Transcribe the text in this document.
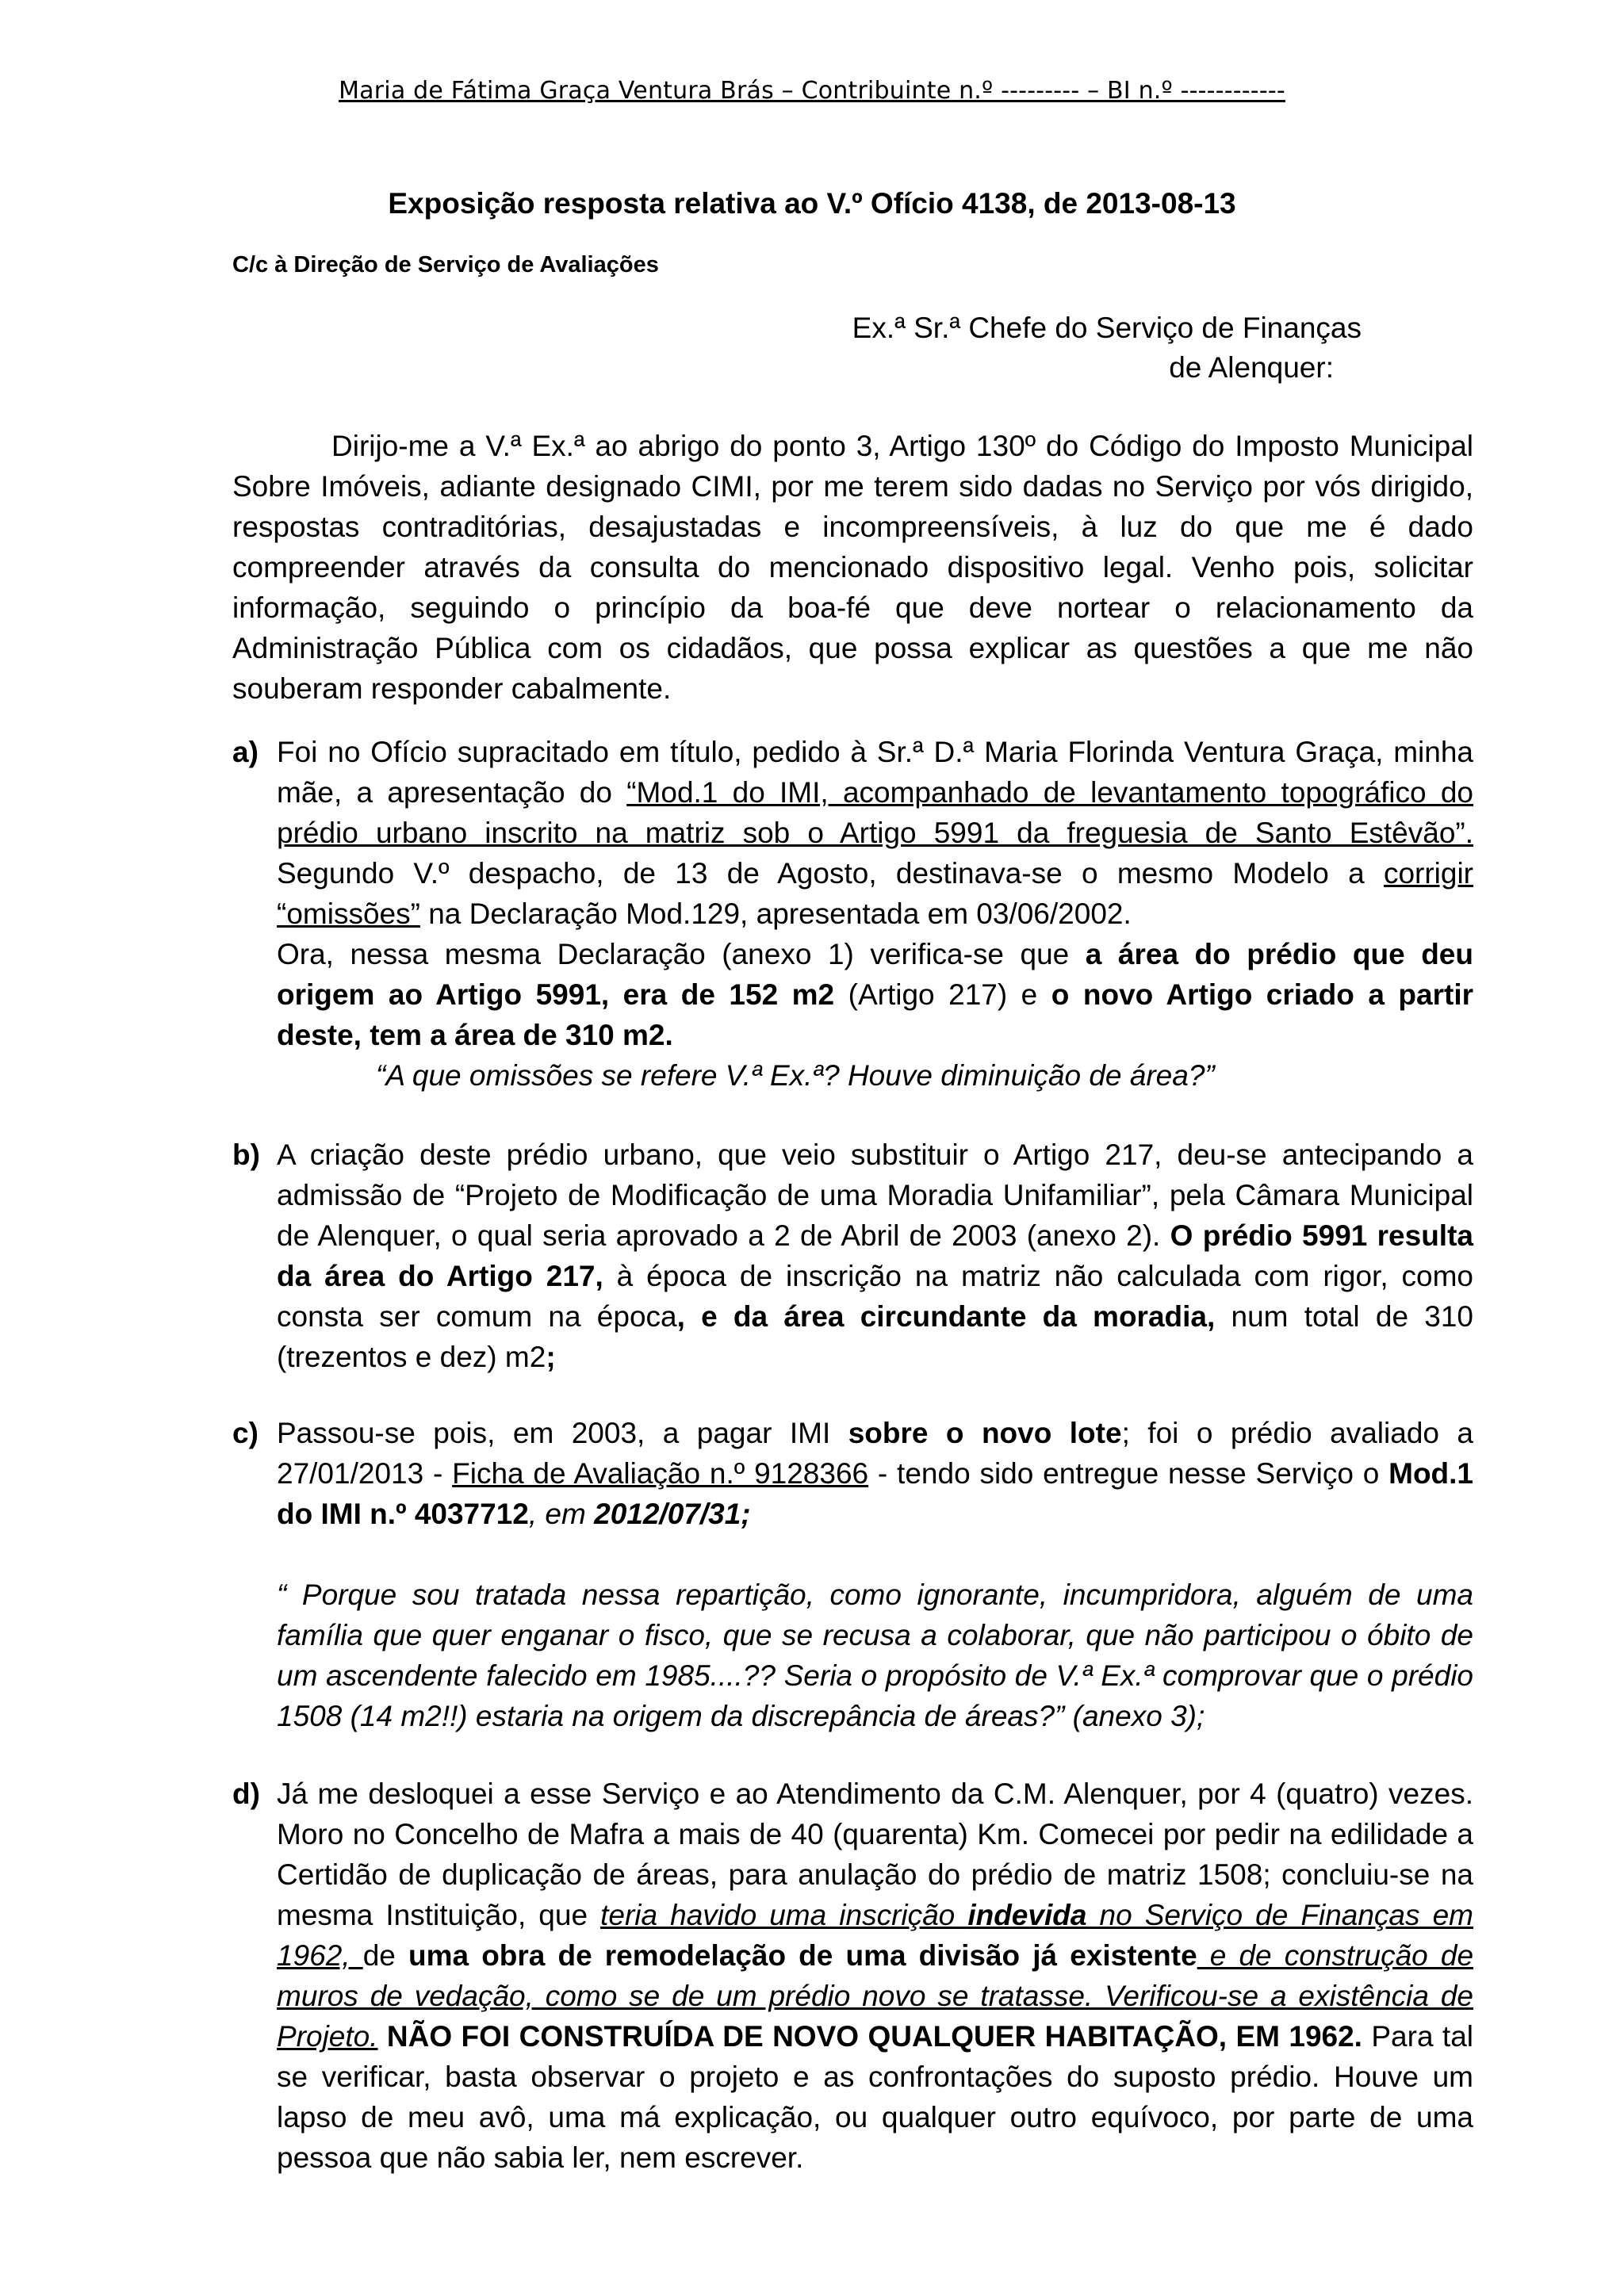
Maria de Fátima Graça Ventura Brás – Contribuinte n.º --------- – BI n.º ------------
Exposição resposta relativa ao V.º Ofício 4138, de 2013-08-13
C/c à Direção de Serviço de Avaliações
Ex.ª Sr.ª Chefe do Serviço de Finanças
de Alenquer:
Dirijo-me a V.ª Ex.ª ao abrigo do ponto 3, Artigo 130º do Código do Imposto Municipal Sobre Imóveis, adiante designado CIMI, por me terem sido dadas no Serviço por vós dirigido, respostas contraditórias, desajustadas e incompreensíveis, à luz do que me é dado compreender através da consulta do mencionado dispositivo legal. Venho pois, solicitar informação, seguindo o princípio da boa-fé que deve nortear o relacionamento da Administração Pública com os cidadãos, que possa explicar as questões a que me não souberam responder cabalmente.
a) Foi no Ofício supracitado em título, pedido à Sr.ª D.ª Maria Florinda Ventura Graça, minha mãe, a apresentação do “Mod.1 do IMI, acompanhado de levantamento topográfico do prédio urbano inscrito na matriz sob o Artigo 5991 da freguesia de Santo Estêvão”. Segundo V.º despacho, de 13 de Agosto, destinava-se o mesmo Modelo a corrigir “omissões” na Declaração Mod.129, apresentada em 03/06/2002.
Ora, nessa mesma Declaração (anexo 1) verifica-se que a área do prédio que deu origem ao Artigo 5991, era de 152 m2 (Artigo 217) e o novo Artigo criado a partir deste, tem a área de 310 m2.
“A que omissões se refere V.ª Ex.ª? Houve diminuição de área?”
b) A criação deste prédio urbano, que veio substituir o Artigo 217, deu-se antecipando a admissão de “Projeto de Modificação de uma Moradia Unifamiliar”, pela Câmara Municipal de Alenquer, o qual seria aprovado a 2 de Abril de 2003 (anexo 2). O prédio 5991 resulta da área do Artigo 217, à época de inscrição na matriz não calculada com rigor, como consta ser comum na época, e da área circundante da moradia, num total de 310 (trezentos e dez) m2;
c) Passou-se pois, em 2003, a pagar IMI sobre o novo lote; foi o prédio avaliado a 27/01/2013 - Ficha de Avaliação n.º 9128366 - tendo sido entregue nesse Serviço o Mod.1 do IMI n.º 4037712, em 2012/07/31;
“ Porque sou tratada nessa repartição, como ignorante, incumpridora, alguém de uma família que quer enganar o fisco, que se recusa a colaborar, que não participou o óbito de um ascendente falecido em 1985....?? Seria o propósito de V.ª Ex.ª comprovar que o prédio 1508 (14 m2!!) estaria na origem da discrepância de áreas?” (anexo 3);
d) Já me desloquei a esse Serviço e ao Atendimento da C.M. Alenquer, por 4 (quatro) vezes. Moro no Concelho de Mafra a mais de 40 (quarenta) Km. Comecei por pedir na edilidade a Certidão de duplicação de áreas, para anulação do prédio de matriz 1508; concluiu-se na mesma Instituição, que teria havido uma inscrição indevida no Serviço de Finanças em 1962, de uma obra de remodelação de uma divisão já existente e de construção de muros de vedação, como se de um prédio novo se tratasse. Verificou-se a existência de Projeto. NÃO FOI CONSTRUÍDA DE NOVO QUALQUER HABITAÇÃO, EM 1962. Para tal se verificar, basta observar o projeto e as confrontações do suposto prédio. Houve um lapso de meu avô, uma má explicação, ou qualquer outro equívoco, por parte de uma pessoa que não sabia ler, nem escrever.
